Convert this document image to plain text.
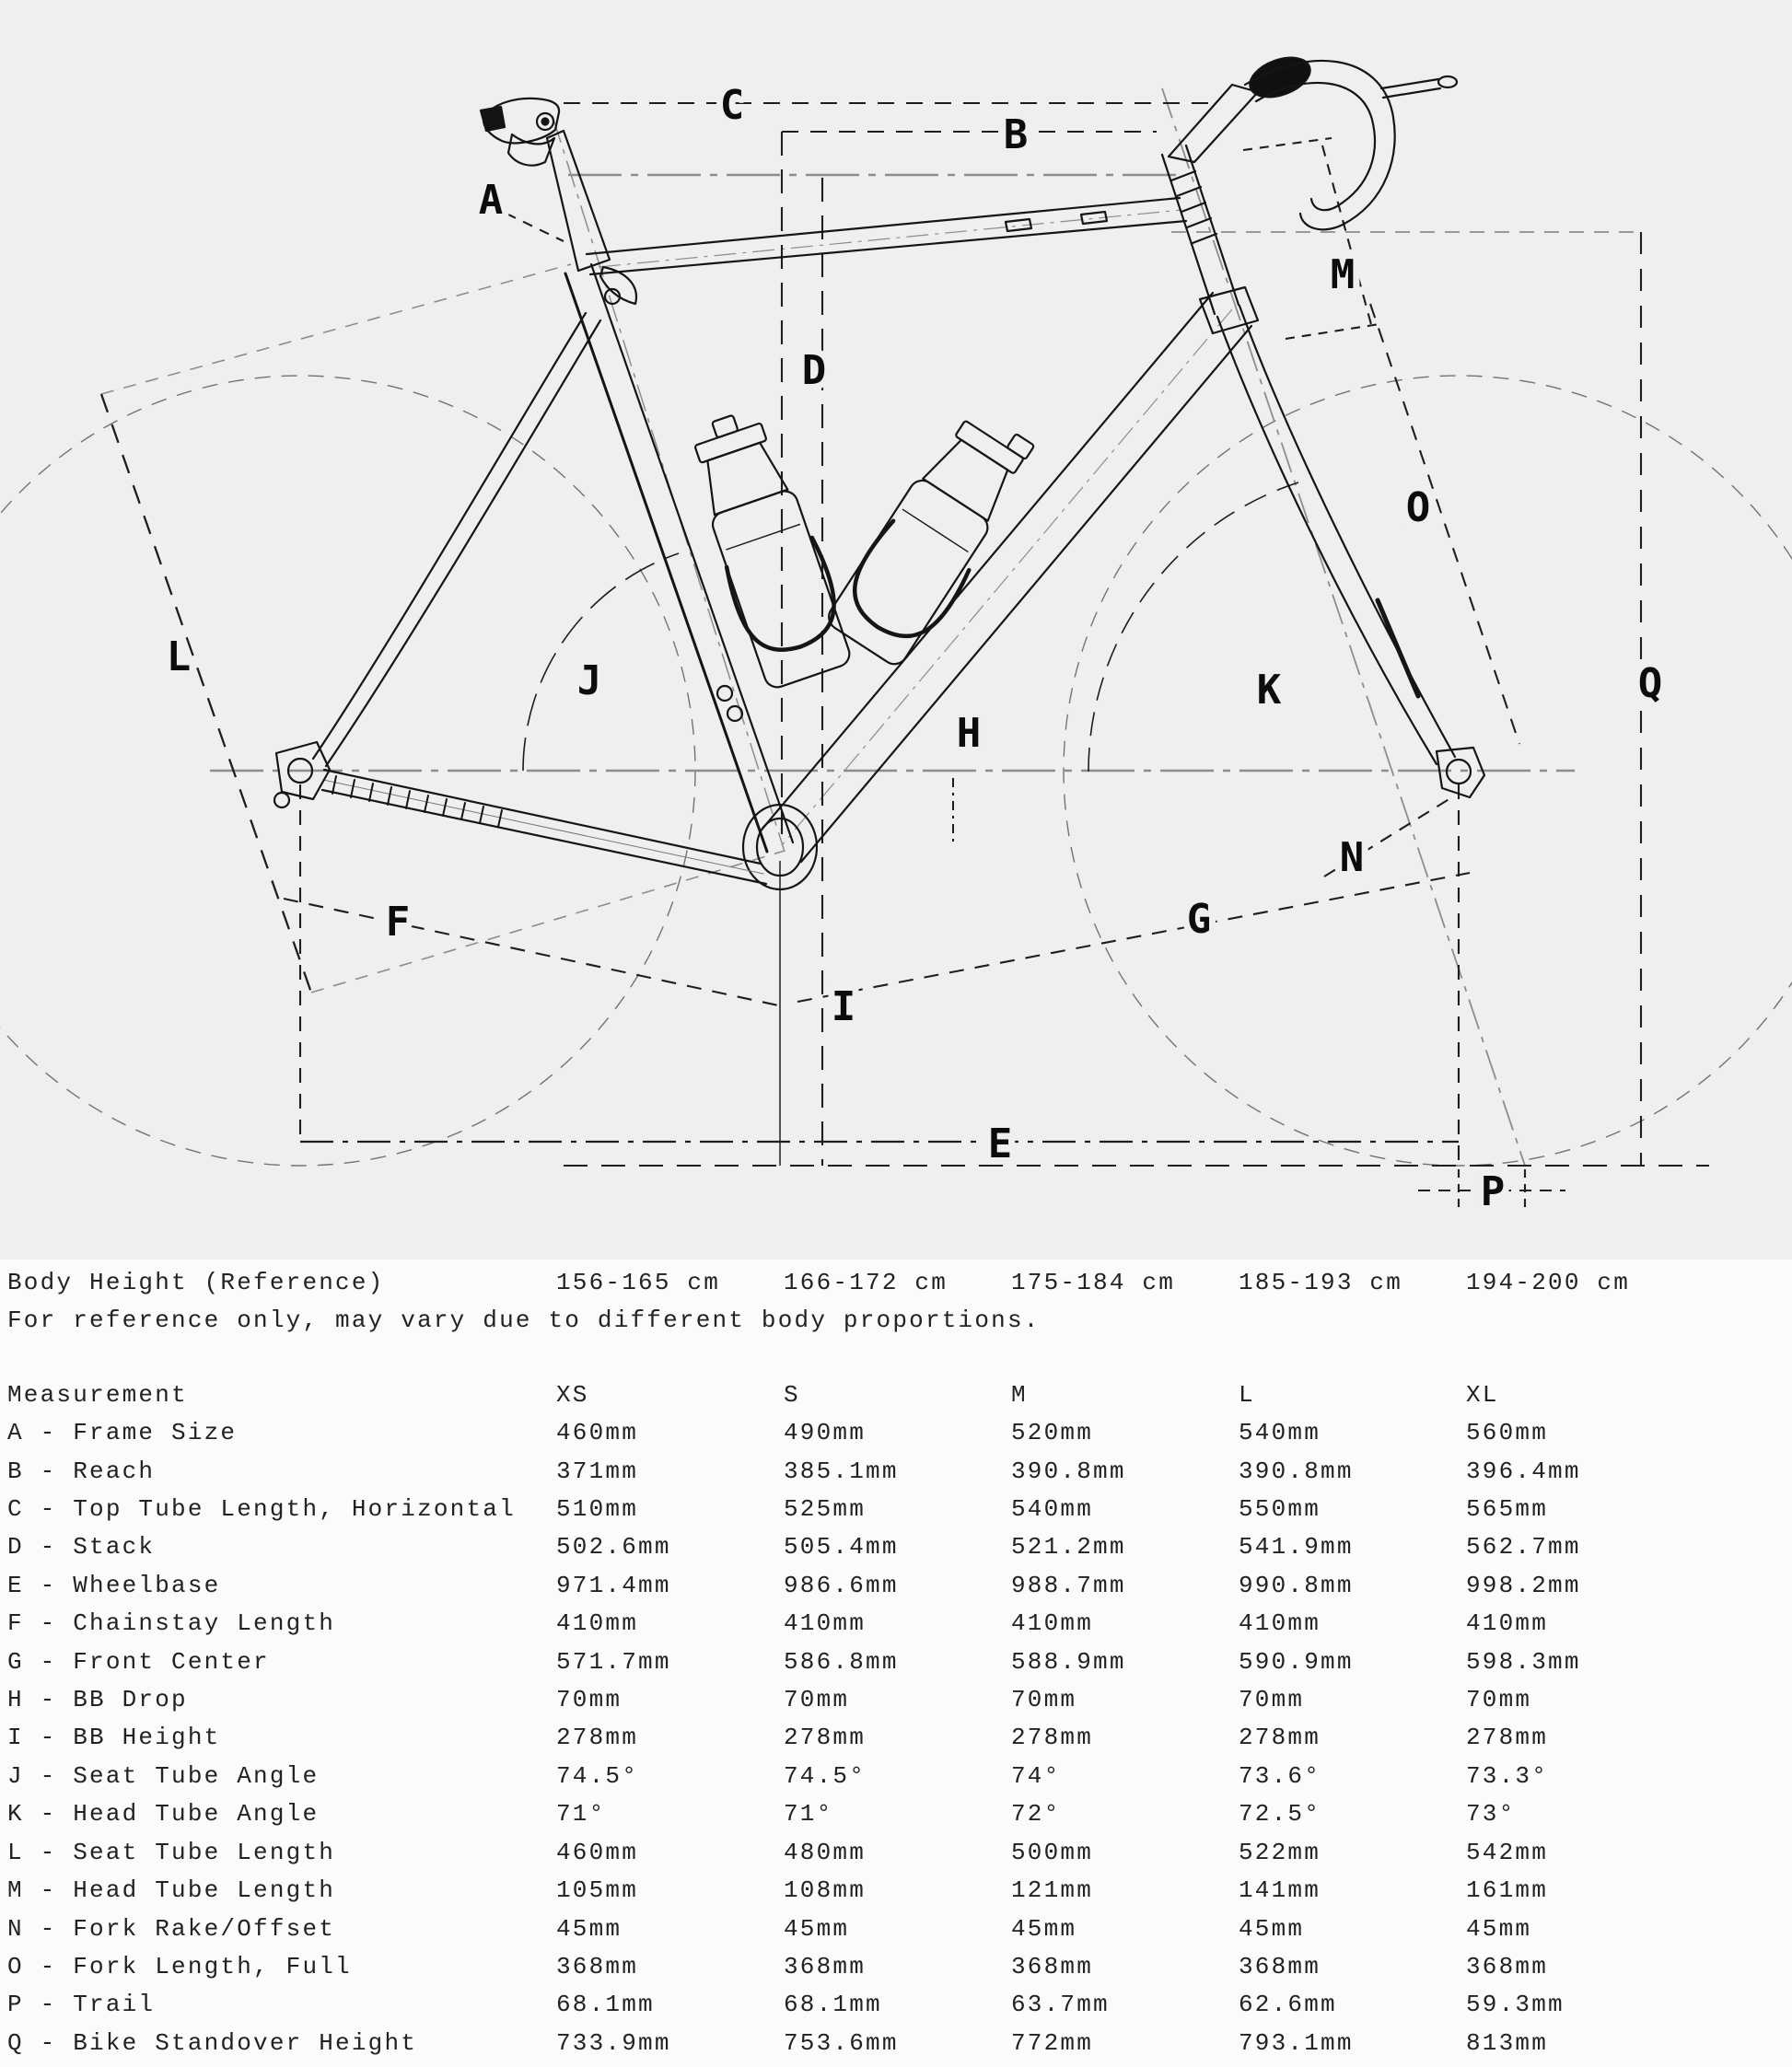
A
B
C
D
E
F	G
H
I
J	K
L
M
N
O
P
Q
Body Height (Reference)	156-165 cm	166-172 cm	175-184 cm	185-193 cm	194-200 cm
For reference only, may vary due to different body proportions.
Measurement	XS	S	M	L	XL
A - Frame Size	460mm	490mm	520mm	540mm	560mm
B - Reach	371mm	385.1mm	390.8mm	390.8mm	396.4mm
C - Top Tube Length, Horizontal	510mm	525mm	540mm	550mm	565mm
D - Stack	502.6mm	505.4mm	521.2mm	541.9mm	562.7mm
E - Wheelbase	971.4mm	986.6mm	988.7mm	990.8mm	998.2mm
F - Chainstay Length	410mm	410mm	410mm	410mm	410mm
G - Front Center	571.7mm	586.8mm	588.9mm	590.9mm	598.3mm
H - BB Drop	70mm	70mm	70mm	70mm	70mm
I - BB Height	278mm	278mm	278mm	278mm	278mm
J - Seat Tube Angle	74.5°	74.5°	74°	73.6°	73.3°
K - Head Tube Angle	71°	71°	72°	72.5°	73°
L - Seat Tube Length	460mm	480mm	500mm	522mm	542mm
M - Head Tube Length	105mm	108mm	121mm	141mm	161mm
N - Fork Rake/Offset	45mm	45mm	45mm	45mm	45mm
O - Fork Length, Full	368mm	368mm	368mm	368mm	368mm
P - Trail	68.1mm	68.1mm	63.7mm	62.6mm	59.3mm
Q - Bike Standover Height	733.9mm	753.6mm	772mm	793.1mm	813mm
